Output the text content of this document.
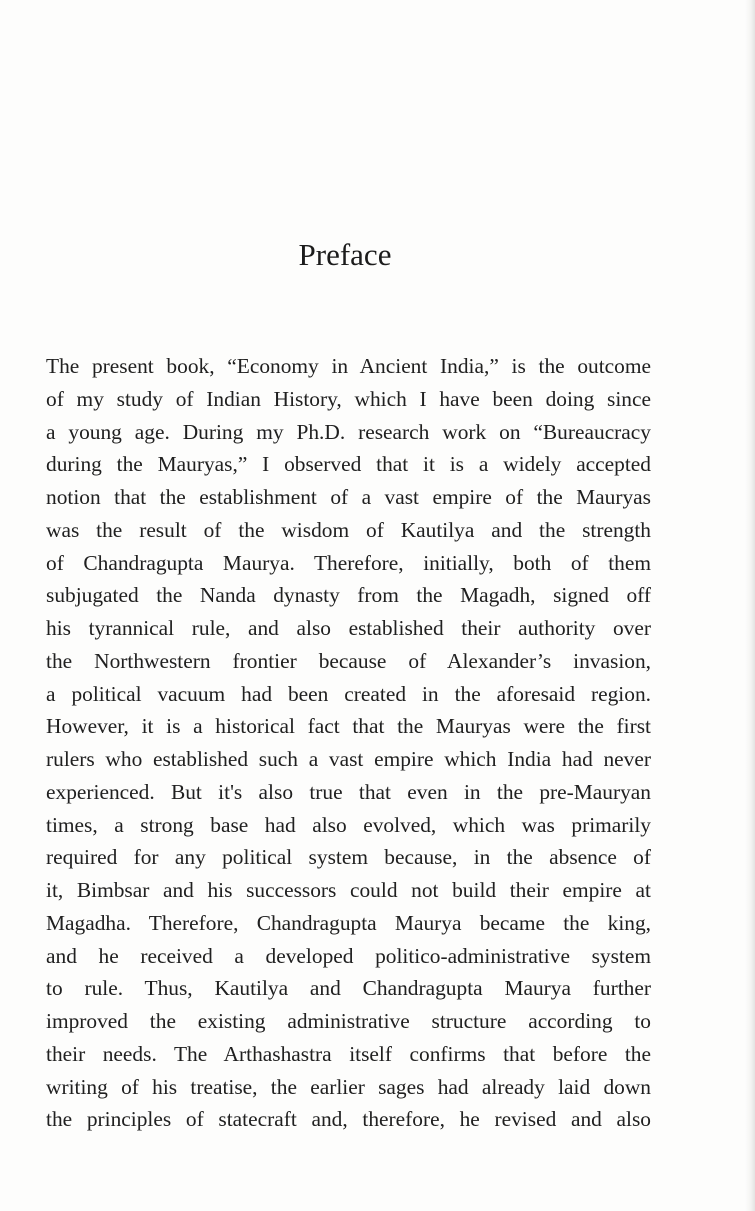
Preface
The present book, “Economy in Ancient India,” is the outcome
of my study of Indian History, which I have been doing since
a young age. During my Ph.D. research work on “Bureaucracy
during the Mauryas,” I observed that it is a widely accepted
notion that the establishment of a vast empire of the Mauryas
was the result of the wisdom of Kautilya and the strength
of Chandragupta Maurya. Therefore, initially, both of them
subjugated the Nanda dynasty from the Magadh, signed off
his tyrannical rule, and also established their authority over
the Northwestern frontier because of Alexander’s invasion,
a political vacuum had been created in the aforesaid region.
However, it is a historical fact that the Mauryas were the first
rulers who established such a vast empire which India had never
experienced. But it's also true that even in the pre-Mauryan
times, a strong base had also evolved, which was primarily
required for any political system because, in the absence of
it, Bimbsar and his successors could not build their empire at
Magadha. Therefore, Chandragupta Maurya became the king,
and he received a developed politico-administrative system
to rule. Thus, Kautilya and Chandragupta Maurya further
improved the existing administrative structure according to
their needs. The Arthashastra itself confirms that before the
writing of his treatise, the earlier sages had already laid down
the principles of statecraft and, therefore, he revised and also
